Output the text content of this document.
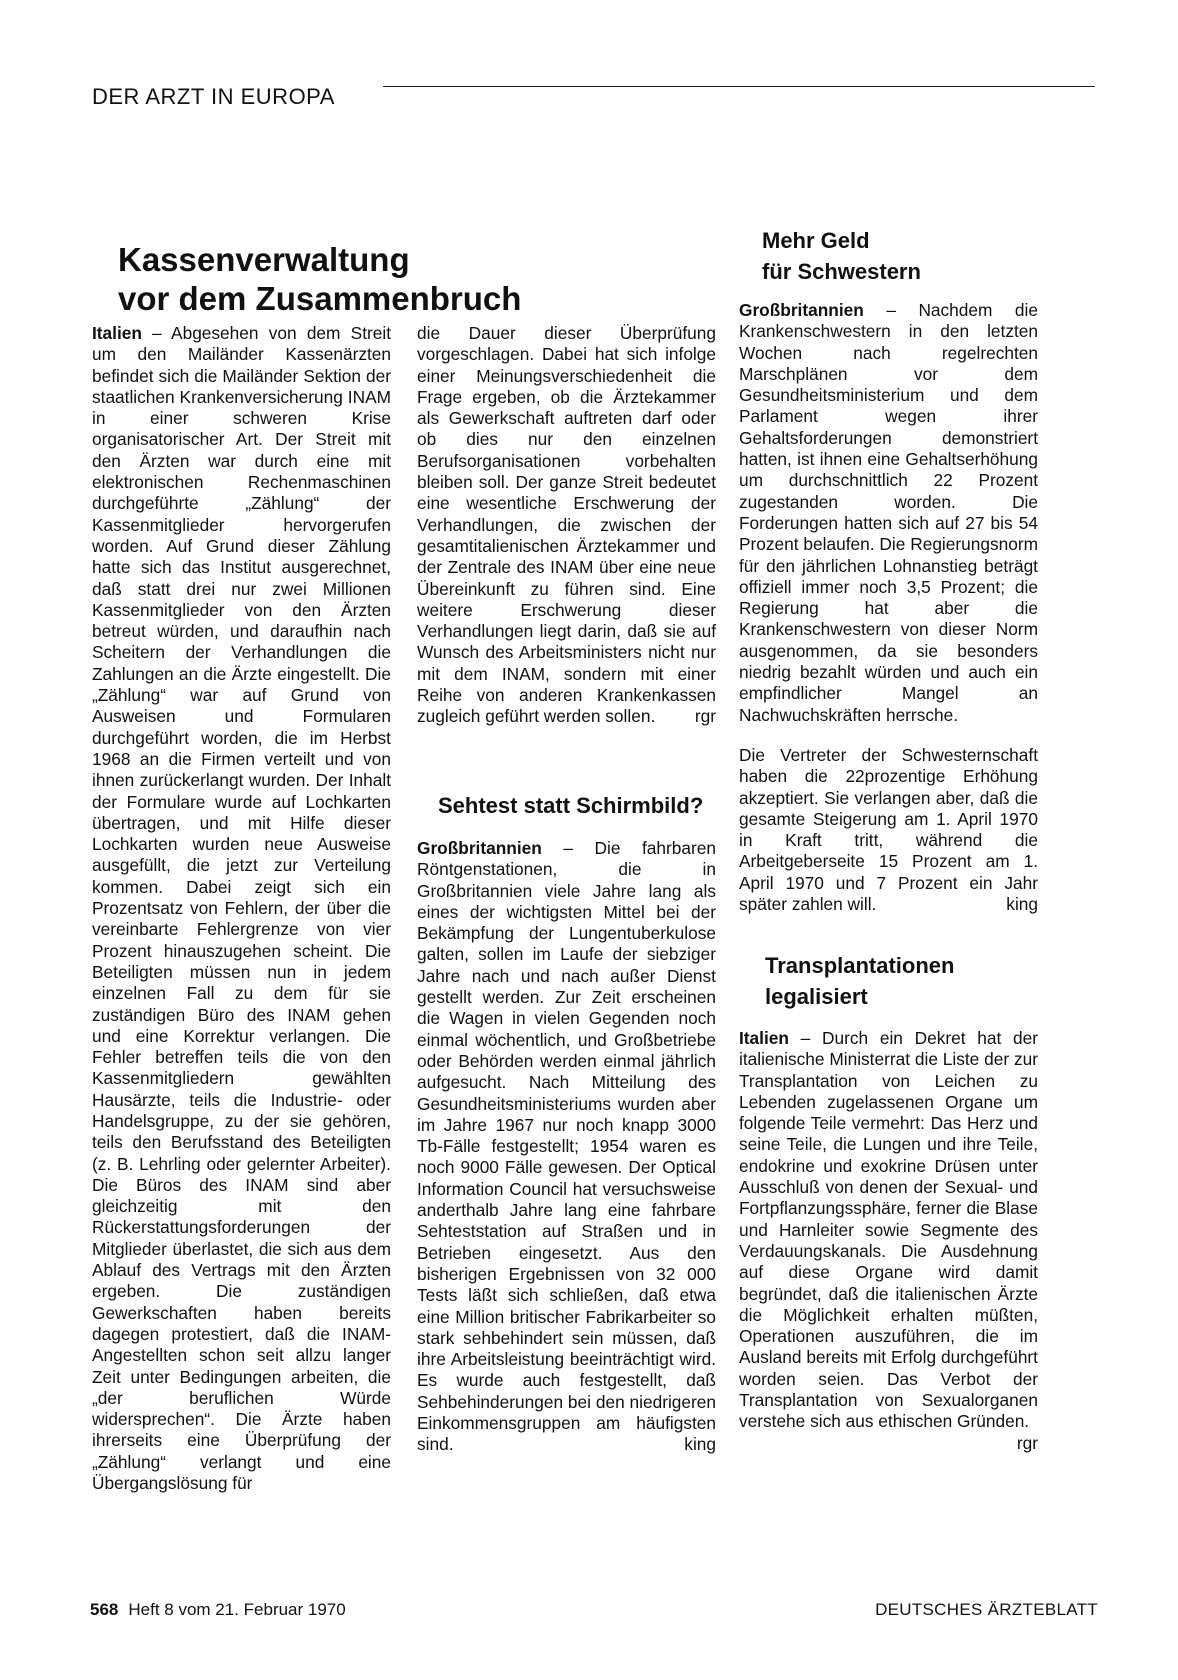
DER ARZT IN EUROPA
Kassenverwaltung
vor dem Zusammenbruch

Italien – Abgesehen von dem Streit um den Mailänder Kassenärzten befindet sich die Mailänder Sektion der staatlichen Krankenversicherung INAM in einer schweren Krise organisatorischer Art. Der Streit mit den Ärzten war durch eine mit elektronischen Rechenmaschinen durchgeführte „Zählung“ der Kassenmitglieder hervorgerufen worden. Auf Grund dieser Zählung hatte sich das Institut ausgerechnet, daß statt drei nur zwei Millionen Kassenmitglieder von den Ärzten betreut würden, und daraufhin nach Scheitern der Verhandlungen die Zahlungen an die Ärzte eingestellt. Die „Zählung“ war auf Grund von Ausweisen und Formularen durchgeführt worden, die im Herbst 1968 an die Firmen verteilt und von ihnen zurückerlangt wurden. Der Inhalt der Formulare wurde auf Lochkarten übertragen, und mit Hilfe dieser Lochkarten wurden neue Ausweise ausgefüllt, die jetzt zur Verteilung kommen. Dabei zeigt sich ein Prozentsatz von Fehlern, der über die vereinbarte Fehlergrenze von vier Prozent hinauszugehen scheint. Die Beteiligten müssen nun in jedem einzelnen Fall zu dem für sie zuständigen Büro des INAM gehen und eine Korrektur verlangen. Die Fehler betreffen teils die von den Kassenmitgliedern gewählten Hausärzte, teils die Industrie- oder Handelsgruppe, zu der sie gehören, teils den Berufsstand des Beteiligten (z. B. Lehrling oder gelernter Arbeiter). Die Büros des INAM sind aber gleichzeitig mit den Rückerstattungsforderungen der Mitglieder überlastet, die sich aus dem Ablauf des Vertrags mit den Ärzten ergeben. Die zuständigen Gewerkschaften haben bereits dagegen protestiert, daß die INAM-Angestellten schon seit allzu langer Zeit unter Bedingungen arbeiten, die „der beruflichen Würde widersprechen“. Die Ärzte haben ihrerseits eine Überprüfung der „Zählung“ verlangt und eine Übergangslösung für

die Dauer dieser Überprüfung vorgeschlagen. Dabei hat sich infolge einer Meinungsverschiedenheit die Frage ergeben, ob die Ärztekammer als Gewerkschaft auftreten darf oder ob dies nur den einzelnen Berufsorganisationen vorbehalten bleiben soll. Der ganze Streit bedeutet eine wesentliche Erschwerung der Verhandlungen, die zwischen der gesamtitalienischen Ärztekammer und der Zentrale des INAM über eine neue Übereinkunft zu führen sind. Eine weitere Erschwerung dieser Verhandlungen liegt darin, daß sie auf Wunsch des Arbeitsministers nicht nur mit dem INAM, sondern mit einer Reihe von anderen Krankenkassen zugleich geführt werden sollen. rgr

Sehtest statt Schirmbild?

Großbritannien – Die fahrbaren Röntgenstationen, die in Großbritannien viele Jahre lang als eines der wichtigsten Mittel bei der Bekämpfung der Lungentuberkulose galten, sollen im Laufe der siebziger Jahre nach und nach außer Dienst gestellt werden. Zur Zeit erscheinen die Wagen in vielen Gegenden noch einmal wöchentlich, und Großbetriebe oder Behörden werden einmal jährlich aufgesucht. Nach Mitteilung des Gesundheitsministeriums wurden aber im Jahre 1967 nur noch knapp 3000 Tb-Fälle festgestellt; 1954 waren es noch 9000 Fälle gewesen. Der Optical Information Council hat versuchsweise anderthalb Jahre lang eine fahrbare Sehteststation auf Straßen und in Betrieben eingesetzt. Aus den bisherigen Ergebnissen von 32 000 Tests läßt sich schließen, daß etwa eine Million britischer Fabrikarbeiter so stark sehbehindert sein müssen, daß ihre Arbeitsleistung beeinträchtigt wird. Es wurde auch festgestellt, daß Sehbehinderungen bei den niedrigeren Einkommensgruppen am häufigsten sind.	king

Mehr Geld
für Schwestern

Großbritannien – Nachdem die Krankenschwestern in den letzten Wochen nach regelrechten Marschplänen vor dem Gesundheitsministerium und dem Parlament wegen ihrer Gehaltsforderungen demonstriert hatten, ist ihnen eine Gehaltserhöhung um durchschnittlich 22 Prozent zugestanden worden. Die Forderungen hatten sich auf 27 bis 54 Prozent belaufen. Die Regierungsnorm für den jährlichen Lohnanstieg beträgt offiziell immer noch 3,5 Prozent; die Regierung hat aber die Krankenschwestern von dieser Norm ausgenommen, da sie besonders niedrig bezahlt würden und auch ein empfindlicher Mangel an Nachwuchskräften herrsche.

Die Vertreter der Schwesternschaft haben die 22prozentige Erhöhung akzeptiert. Sie verlangen aber, daß die gesamte Steigerung am 1. April 1970 in Kraft tritt, während die Arbeitgeberseite 15 Prozent am 1. April 1970 und 7 Prozent ein Jahr später zahlen will.	king

Transplantationen
legalisiert

Italien – Durch ein Dekret hat der italienische Ministerrat die Liste der zur Transplantation von Leichen zu Lebenden zugelassenen Organe um folgende Teile vermehrt: Das Herz und seine Teile, die Lungen und ihre Teile, endokrine und exokrine Drüsen unter Ausschluß von denen der Sexual- und Fortpflanzungssphäre, ferner die Blase und Harnleiter sowie Segmente des Verdauungskanals. Die Ausdehnung auf diese Organe wird damit begründet, daß die italienischen Ärzte die Möglichkeit erhalten müßten, Operationen auszuführen, die im Ausland bereits mit Erfolg durchgeführt worden seien. Das Verbot der Transplantation von Sexualorganen verstehe sich aus ethischen Gründen.
rgr

568 Heft 8 vom 21. Februar 1970	DEUTSCHES ÄRZTEBLATT
